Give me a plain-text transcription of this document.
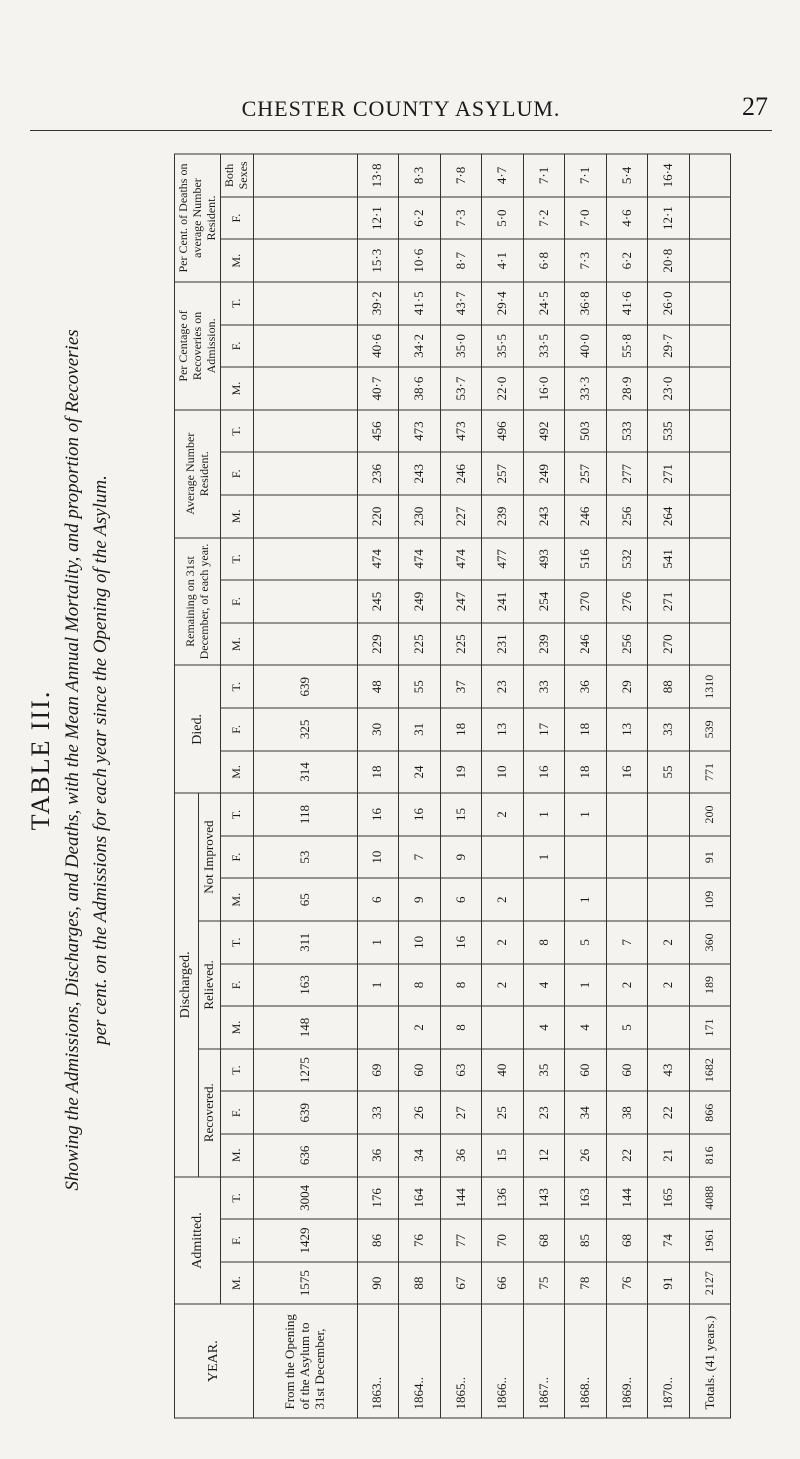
CHESTER COUNTY ASYLUM.	27
TABLE III. Showing the Admissions, Discharges, and Deaths, with the Mean Annual Mortality, and proportion of Recoveries per cent. on the Admissions for each year since the Opening of the Asylum.
YEAR.	Admitted.			Discharged.									Died.			Remaining on 31st December, of each year.			Average Number Resident.			Per Centage of Recoveries on Admission.			Per Cent. of Deaths on average Number Resident.		
				Recovered.			Relieved.			Not Improved																	
	M.	F.	T.	M.	F.	T.	M.	F.	T.	M.	F.	T.	M.	F.	T.	M.	F.	T.	M.	F.	T.	M.	F.	T.	M.	F.	Both Sexes
From the Opening of the Asylum to 31st December,	1575	1429	3004	636	639	1275	148	163	311	65	53	118	314	325	639												
1863..	90	86	176	36	33	69		1	1	6	10	16	18	30	48	229	245	474	220	236	456	40·7	40·6	39·2	15·3	12·1	13·8
1864..	88	76	164	34	26	60	2	8	10	9	7	16	24	31	55	225	249	474	230	243	473	38·6	34·2	41·5	10·6	6·2	8·3
1865..	67	77	144	36	27	63	8	8	16	6	9	15	19	18	37	225	247	474	227	246	473	53·7	35·0	43·7	8·7	7·3	7·8
1866..	66	70	136	15	25	40		2	2	2		2	10	13	23	231	241	477	239	257	496	22·0	35·5	29·4	4·1	5·0	4·7
1867..	75	68	143	12	23	35	4	4	8		1	1	16	17	33	239	254	493	243	249	492	16·0	33·5	24·5	6·8	7·2	7·1
1868..	78	85	163	26	34	60	4	1	5	1		1	18	18	36	246	270	516	246	257	503	33·3	40·0	36·8	7·3	7·0	7·1
1869..	76	68	144	22	38	60	5	2	7				16	13	29	256	276	532	256	277	533	28·9	55·8	41·6	6·2	4·6	5·4
1870..	91	74	165	21	22	43		2	2				55	33	88	270	271	541	264	271	535	23·0	29·7	26·0	20·8	12·1	16·4
Totals. (41 years.)	2127	1961	4088	816	866	1682	171	189	360	109	91	200	771	539	1310												
